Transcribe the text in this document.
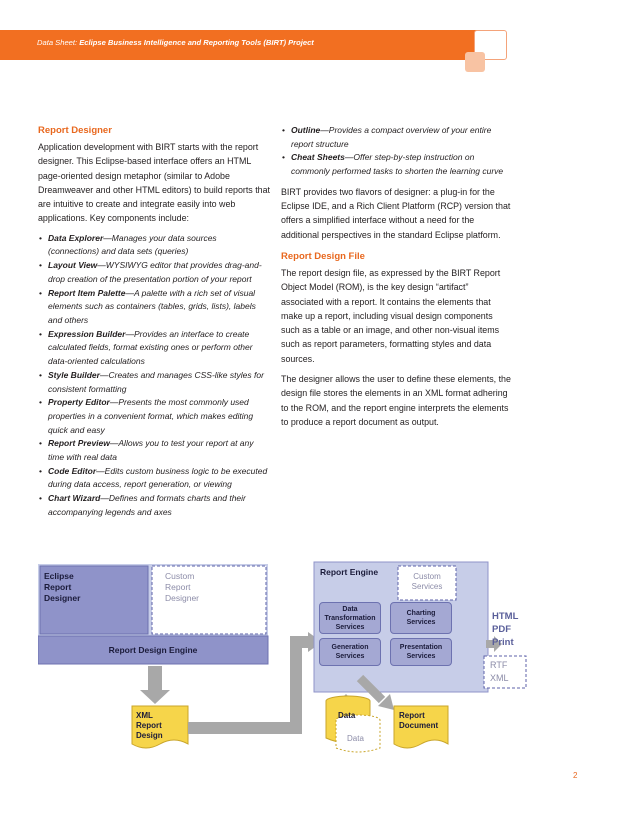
Data Sheet: Eclipse Business Intelligence and Reporting Tools (BIRT) Project
Report Designer

Application development with BIRT starts with the report designer. This Eclipse-based interface offers an HTML page-oriented design metaphor (similar to Adobe Dreamweaver and other HTML editors) to build reports that are intuitive to create and integrate easily into web applications. Key components include:

• Data Explorer—Manages your data sources (connections) and data sets (queries)
• Layout View—WYSIWYG editor that provides drag-and-drop creation of the presentation portion of your report
• Report Item Palette—A palette with a rich set of visual elements such as containers (tables, grids, lists), labels and others
• Expression Builder—Provides an interface to create calculated fields, format existing ones or perform other data-oriented calculations
• Style Builder—Creates and manages CSS-like styles for consistent formatting
• Property Editor—Presents the most commonly used properties in a convenient format, which makes editing quick and easy
• Report Preview—Allows you to test your report at any time with real data
• Code Editor—Edits custom business logic to be executed during data access, report generation, or viewing
• Chart Wizard—Defines and formats charts and their accompanying legends and axes
• Outline—Provides a compact overview of your entire report structure
• Cheat Sheets—Offer step-by-step instruction on commonly performed tasks to shorten the learning curve

BIRT provides two flavors of designer: a plug-in for the Eclipse IDE, and a Rich Client Platform (RCP) version that offers a simplified interface without a need for the additional perspectives in the standard Eclipse platform.

Report Design File

The report design file, as expressed by the BIRT Report Object Model (ROM), is the key design “artifact” associated with a report. It contains the elements that make up a report, including visual design components such as a table or an image, and other non-visual items such as report parameters, formatting styles and data sources.

The designer allows the user to define these elements, the design file stores the elements in an XML format adhering to the ROM, and the report engine interprets the elements to produce a report document as output.

Eclipse
Report
Designer
Custom
Report
Designer
Report Design Engine
XML
Report
Design
Report Engine	Custom
Services
Data
Transformation
Services
Charting
Services
Generation
Services
Presentation
Services
Data
Data
Report
Document
HTML
PDF
Print
RTF
XML
2
